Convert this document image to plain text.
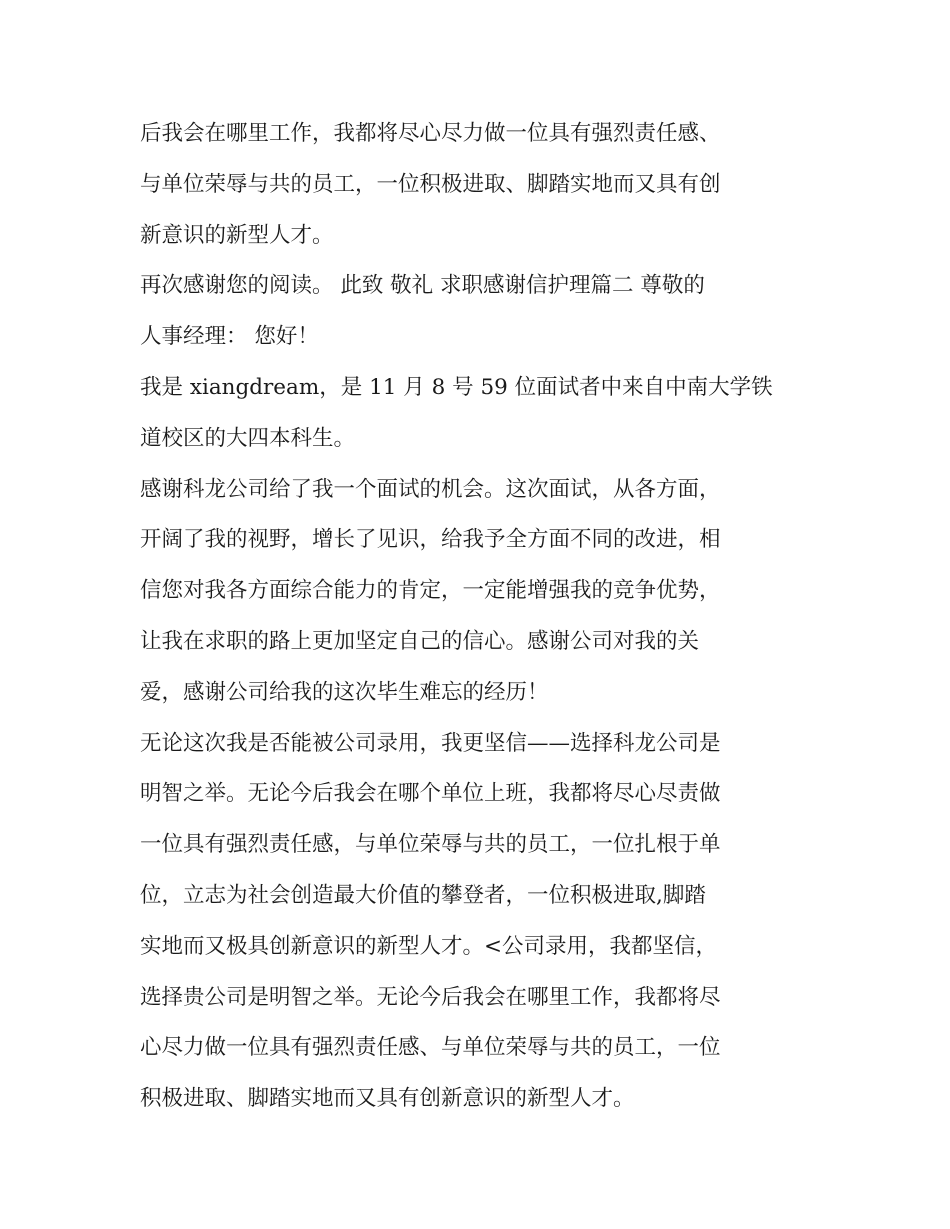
后我会在哪里工作，我都将尽心尽力做一位具有强烈责任感、
与单位荣辱与共的员工，一位积极进取、脚踏实地而又具有创
新意识的新型人才。
再次感谢您的阅读。 此致 敬礼 求职感谢信护理篇二 尊敬的
人事经理： 您好！
我是 xiangdream，是 11 月 8 号 59 位面试者中来自中南大学铁
道校区的大四本科生。
感谢科龙公司给了我一个面试的机会。这次面试，从各方面，
开阔了我的视野，增长了见识，给我予全方面不同的改进，相
信您对我各方面综合能力的肯定，一定能增强我的竞争优势，
让我在求职的路上更加坚定自己的信心。感谢公司对我的关
爱，感谢公司给我的这次毕生难忘的经历！
无论这次我是否能被公司录用，我更坚信——选择科龙公司是
明智之举。无论今后我会在哪个单位上班，我都将尽心尽责做
一位具有强烈责任感，与单位荣辱与共的员工，一位扎根于单
位，立志为社会创造最大价值的攀登者，一位积极进取,脚踏
实地而又极具创新意识的新型人才。<公司录用，我都坚信，
选择贵公司是明智之举。无论今后我会在哪里工作，我都将尽
心尽力做一位具有强烈责任感、与单位荣辱与共的员工，一位
积极进取、脚踏实地而又具有创新意识的新型人才。
